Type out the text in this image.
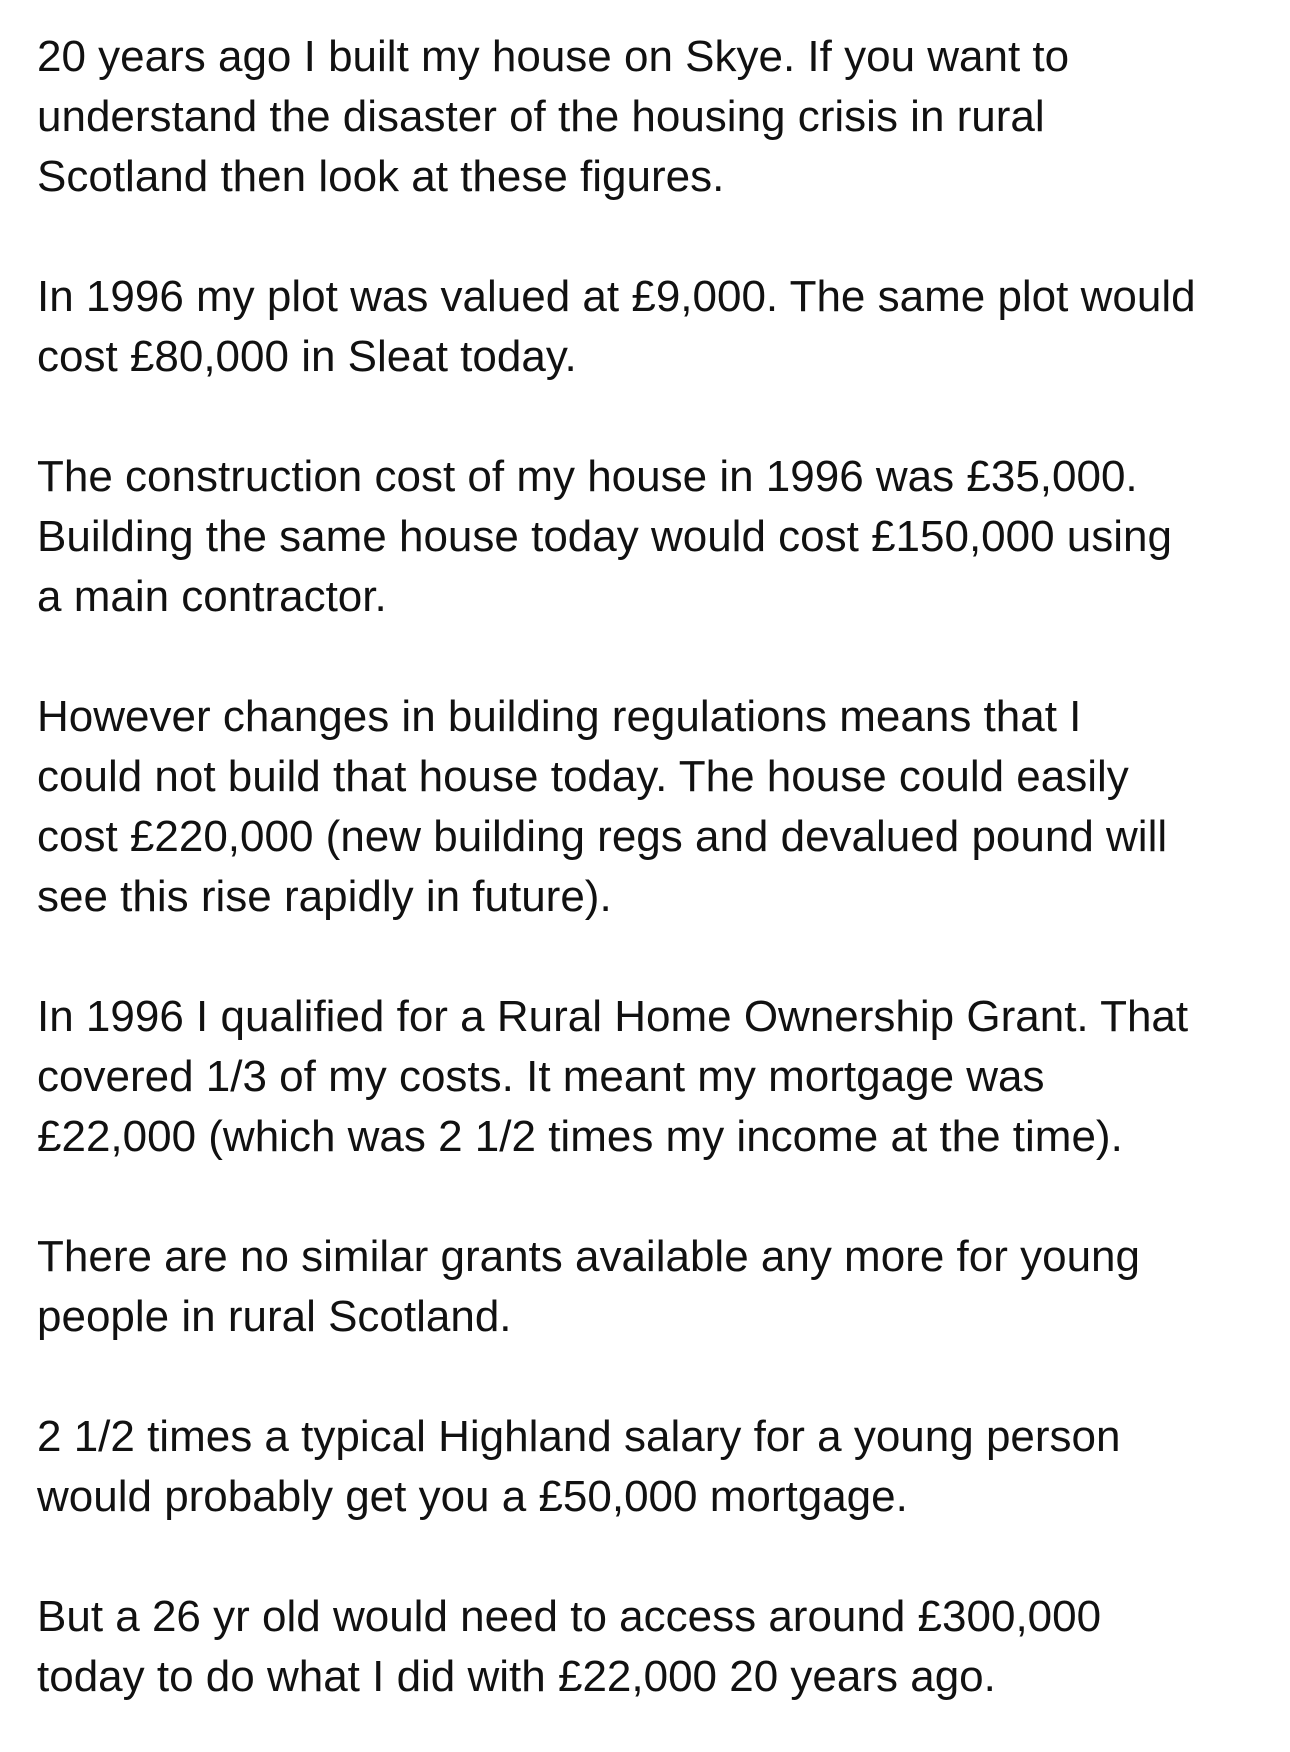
20 years ago I built my house on Skye. If you want to
understand the disaster of the housing crisis in rural
Scotland then look at these figures.

In 1996 my plot was valued at £9,000. The same plot would
cost £80,000 in Sleat today.

The construction cost of my house in 1996 was £35,000.
Building the same house today would cost £150,000 using
a main contractor.

However changes in building regulations means that I
could not build that house today. The house could easily
cost £220,000 (new building regs and devalued pound will
see this rise rapidly in future).

In 1996 I qualified for a Rural Home Ownership Grant. That
covered 1/3 of my costs. It meant my mortgage was
£22,000 (which was 2 1/2 times my income at the time).

There are no similar grants available any more for young
people in rural Scotland.

2 1/2 times a typical Highland salary for a young person
would probably get you a £50,000 mortgage.

But a 26 yr old would need to access around £300,000
today to do what I did with £22,000 20 years ago.
